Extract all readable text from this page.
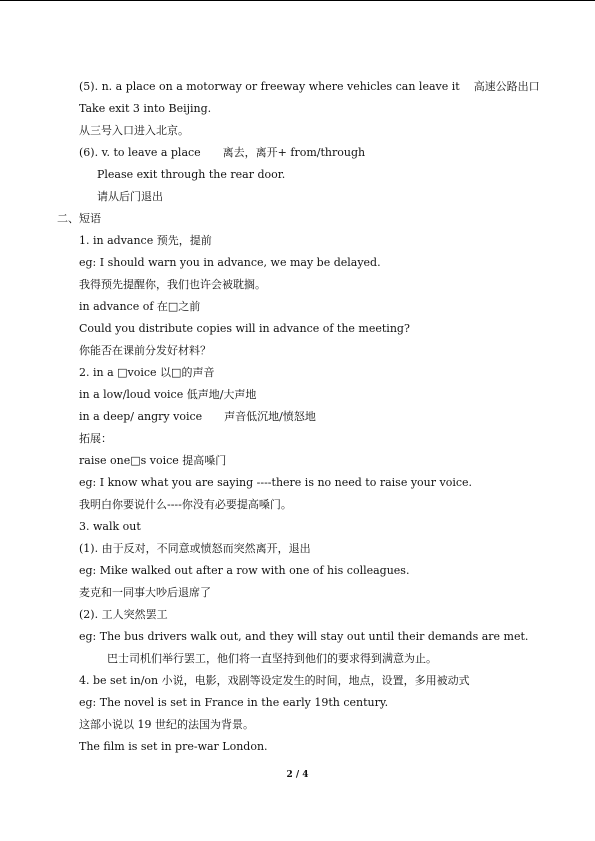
(5). n. a place on a motorway or freeway where vehicles can leave it 高速公路出口
Take exit 3 into Beijing.
从三号入口进入北京。
(6). v. to leave a place 离去，离开+ from/through
Please exit through the rear door.
请从后门退出
二、短语
1. in advance 预先，提前
eg: I should warn you in advance, we may be delayed.
我得预先提醒你，我们也许会被耽搁。
in advance of 在□之前
Could you distribute copies will in advance of the meeting?
你能否在课前分发好材料？
2. in a □voice 以□的声音
in a low/loud voice 低声地/大声地
in a deep/ angry voice 声音低沉地/愤怒地
拓展：
raise one□s voice 提高嗓门
eg: I know what you are saying ----there is no need to raise your voice.
我明白你要说什么----你没有必要提高嗓门。
3. walk out
(1). 由于反对，不同意或愤怒而突然离开，退出
eg: Mike walked out after a row with one of his colleagues.
麦克和一同事大吵后退席了
(2). 工人突然罢工
eg: The bus drivers walk out, and they will stay out until their demands are met.
巴士司机们举行罢工，他们将一直坚持到他们的要求得到满意为止。
4. be set in/on 小说，电影，戏剧等设定发生的时间，地点，设置，多用被动式
eg: The novel is set in France in the early 19th century.
这部小说以 19 世纪的法国为背景。
The film is set in pre-war London.
2 / 4
